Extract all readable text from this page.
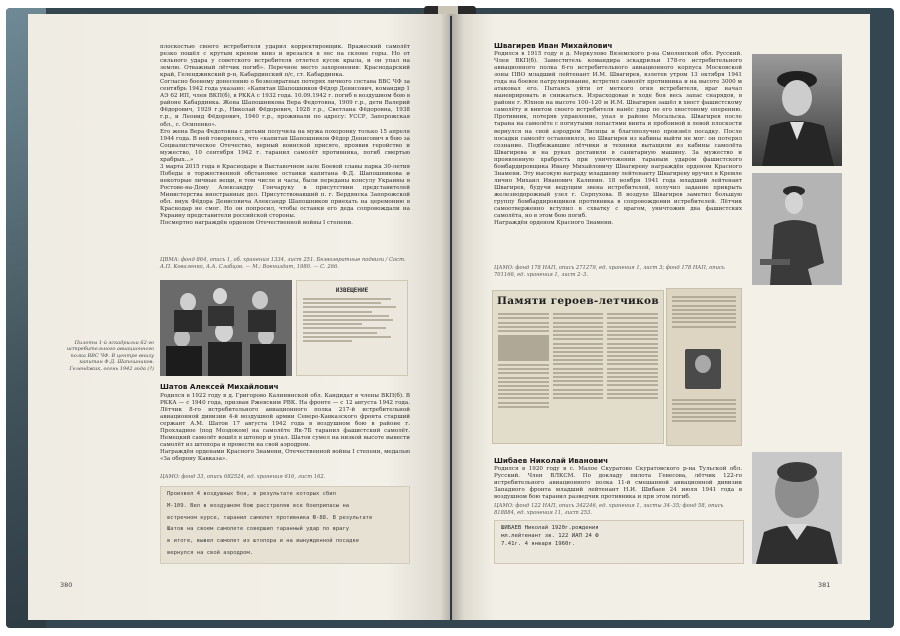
плоскостью своего истребителя ударил корректировщик. Вражеский самолёт резко пошёл с крутым креном вниз и врезался в лес на склоне горы. Но от сильного удара у советского истребителя отлетел кусок крыла, и он упал на землю. Отважный лётчик погиб». Перечное место захоронения: Краснодарский край, Геленджикский р-н, Кабардинский п/с, ст. Кабардинка.

Согласно боевому донесению о безвозвратных потерях личного состава ВВС ЧФ за сентябрь 1942 года указано: «Капитан Шапошников Фёдор Денисович, командир 1 АЭ 62 ИП, член ВКП(б), в РККА с 1932 года. 10.09.1942 г. погиб в воздушном бою в районе Кабардинка. Жена Шапошникова Вера Федотовна, 1909 г.р., дети Валерий Фёдорович, 1929 г.р., Николай Фёдорович, 1928 г.р., Светлана Фёдоровна, 1938 г.р., и Леонид Фёдорович, 1940 г.р., проживали по адресу: УССР, Запорожская обл., с. Осипенко».

Его жена Вера Федотовна с детьми получила на мужа похоронку только 15 апреля 1944 года. В ней говорилось, что «капитан Шапошников Фёдор Денисович в бою за Социалистическое Отечество, верный воинской присяге, проявив геройство и мужество, 10 сентября 1942 г. таранил самолёт противника, погиб смертью храбрых...»

3 марта 2015 года в Краснодаре в Выставочном зале Боевой славы парка 30-летия Победы в торжественной обстановке останки капитана Ф.Д. Шапошникова и некоторые личные вещи, в том числе и часы, были переданы консулу Украины в Ростове-на-Дону Александру Гончаруку в присутствии представителей Министерства иностранных дел. Присутствовавший п. г. Бердянска Запорожской обл. внук Фёдора Денисовича Александр Шапошников приехать на церемонию в Краснодар не смог. Но он попросил, чтобы останки его деда сопровождали на Украину представители российской стороны.

Посмертно награждён орденом Отечественной войны I степени.

ЦВМА: фонд 864, опись 1, об. хранения 1334, лист 251. Безвозвратные подвиги / Сост. А.П. Коваленко, А.А. Слабцов. — М.: Воениздат, 1980. — С. 266.
ИЗВЕЩЕНИЕ
Пилоты 1-й эскадрильи 62-го истребительного авиационного полка ВВС ЧФ. В центре внизу капитан Ф.Д. Шапошников. Геленджик, осень 1942 года (?)
Шатов Алексей Михайлович

Родился в 1922 году в д. Григорово Калининской обл. Кандидат в члены ВКП(б). В РККА — с 1940 года, призван Ржевским РВК. На фронте — с 12 августа 1942 года. Лётчик 8-го истребительного авиационного полка 217-й истребительной авиационной дивизии 4-й воздушной армии Северо-Кавказского фронта старший сержант А.М. Шатов 17 августа 1942 года в воздушном бою в районе г. Прохладное (под Моздоком) на самолёте Як-7Б таранил фашистский самолёт. Немецкий самолёт вошёл в штопор и упал. Шатов сумел на низкой высоте вывести самолёт из штопора и провести на свой аэродром.

Награждён орденами Красного Знамени, Отечественной войны I степени, медалью «За оборону Кавказа».

ЦАМО: фонд 33, опись 682524, ед. хранения 616, лист 162.
Произвел 4 воздушных боя, в результате которых сбил
М-109. Вел в воздушном бою расстреляв все боеприпасы на
встречном курсе, таранил самолет противника Ю-88. В результате
Шатов на своем самолете совершил таранный удар по врагу
в итоге, вывел самолет из штопора и на вынужденной посадке
вернулся на свой аэродром.
380
Швагирев Иван Михайлович

Родился в 1915 году в д. Меркулово Вяземского р-на Смоленской обл. Русский. Член ВКП(б). Заместитель командира эскадрильи 178-го истребительного авиационного полка 6-го истребительного авиационного корпуса Московской зоны ПВО младший лейтенант И.М. Швагирев, взлетев утром 13 октября 1941 года на боевое патрулирование, встретил самолёт противника и на высоте 3000 м атаковал его. Пытаясь уйти от меткого огня истребителя, враг начал маневрировать и снижаться. Израсходовав в ходе боя весь запас снарядов, в районе г. Юхнов на высоте 100–120 м И.М. Швагирев зашёл в хвост фашистскому самолёту и винтом своего истребителя нанёс удар по его хвостовому оперению. Противник, потеряв управление, упал в районе Мосальска. Швагирев после тарана на самолёте с погнутыми лопастями винта и пробоиной в левой плоскости вернулся на свой аэродром Лисицы и благополучно произвёл посадку. После посадки самолёт остановился, но Швагирев из кабины выйти не мог: он потерял сознание. Подбежавшие лётчики и техники вытащили из кабины самолёта Швагирева и на руках доставили в санитарную машину. За мужество и проявленную храбрость при уничтожении тараным ударом фашистского бомбардировщика Ивану Михайловичу Швагиреву награждён орденом Красного Знамени. Эту высокую награду младшему лейтенанту Швагиреву вручил в Кремле лично Михаил Иванович Калинин. 18 ноября 1941 года младший лейтенант Швагирев, будучи ведущим звена истребителей, получил задание прикрыть железнодорожный узел г. Серпухова. В воздухе Швагирев заметил большую группу бомбардировщиков противника в сопровождении истребителей. Лётчик самоотверженно вступил в схватку с врагом, уничтожив два фашистских самолёта, но в этом бою погиб.

Награждён орденом Красного Знамени.

ЦАМО: фонд 178 НАП, опись 271279, ед. хранения 1, лист 3; фонд 178 НАП, опись 701166, ед. хранения 1, лист 2–3.
Памяти героев-летчиков
Шибаев Николай Иванович

Родился в 1920 году в с. Малое Скуратово Скуратовского р-на Тульской обл. Русский. Член ВЛКСМ. По докладу пилота Гевесова, лётчик 122-го истребительного авиационного полка 11-й смешанной авиационной дивизии Западного фронта младший лейтенант Н.И. Шибаев 24 июля 1941 года в воздушном бою таранил разведчик противника и при этом погиб.

ЦАМО: фонд 122 НАП, опись 342246, ед. хранения 1, листы 34–35; фонд 58, опись 818884, ед. хранения 11, лист 253.
ШИБАЕВ Николай 1920г.рождения
мл.лейтенант зв. 122 ИАП 24 Ф
7.41г. 4 января 1960г.
381
